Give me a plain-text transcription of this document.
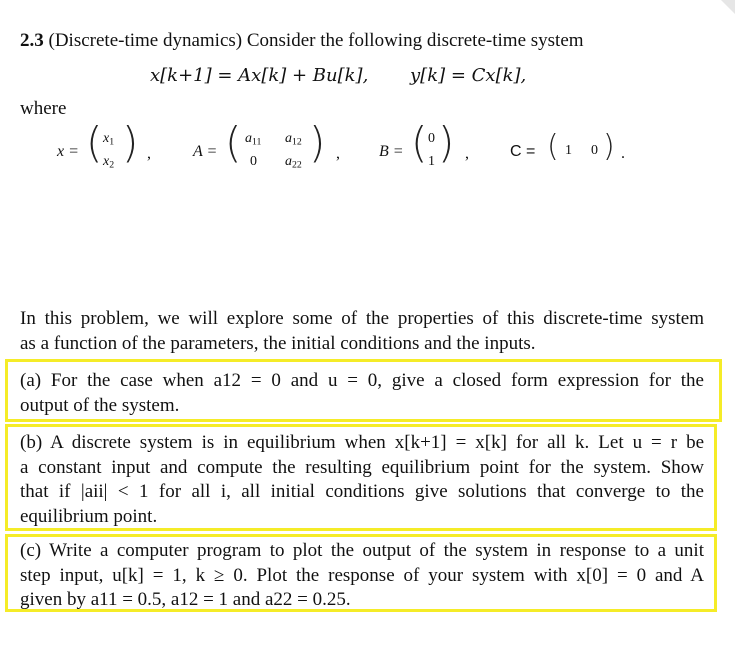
2.3 (Discrete-time dynamics) Consider the following discrete-time system
x[k+1] = Ax[k] + Bu[k], y[k] = Cx[k],
where
x = ( $x_1$
$x_2$ ) ,	A = ( $a_{11}$ $a_{12}$
0 $a_{22}$ ) , B = ( 0
1 ) ,	C = ( 1 0 ) .
In this problem, we will explore some of the properties of this discrete-time system
as a function of the parameters, the initial conditions and the inputs.
(a) For the case when a12 = 0 and u = 0, give a closed form expression for the
output of the system.
(b) A discrete system is in equilibrium when x[k+1] = x[k] for all k. Let u = r be
a constant input and compute the resulting equilibrium point for the system. Show
that if |aii| < 1 for all i, all initial conditions give solutions that converge to the
equilibrium point.
(c) Write a computer program to plot the output of the system in response to a unit
step input, u[k] = 1, k ≥ 0. Plot the response of your system with x[0] = 0 and A
given by a11 = 0.5, a12 = 1 and a22 = 0.25.
